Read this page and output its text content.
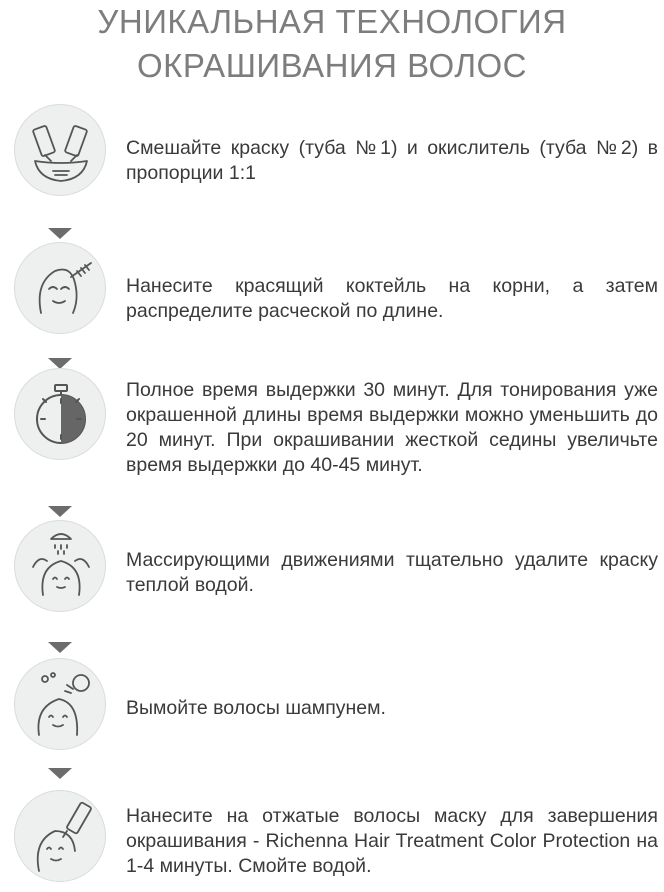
УНИКАЛЬНАЯ ТЕХНОЛОГИЯ
ОКРАШИВАНИЯ ВОЛОС
Смешайте краску (туба №1) и окислитель (туба №2) в пропорции 1:1
Нанесите красящий коктейль на корни, а затем распределите расческой по длине.
Полное время выдержки 30 минут. Для тонирования уже окрашенной длины время выдержки можно уменьшить до 20 минут. При окрашивании жесткой седины увеличьте время выдержки до 40-45 минут.
Массирующими движениями тщательно удалите краску теплой водой.
Вымойте волосы шампунем.
Нанесите на отжатые волосы маску для завершения окрашивания - Richenna Hair Treatment Color Protection на 1-4 минуты. Смойте водой.
